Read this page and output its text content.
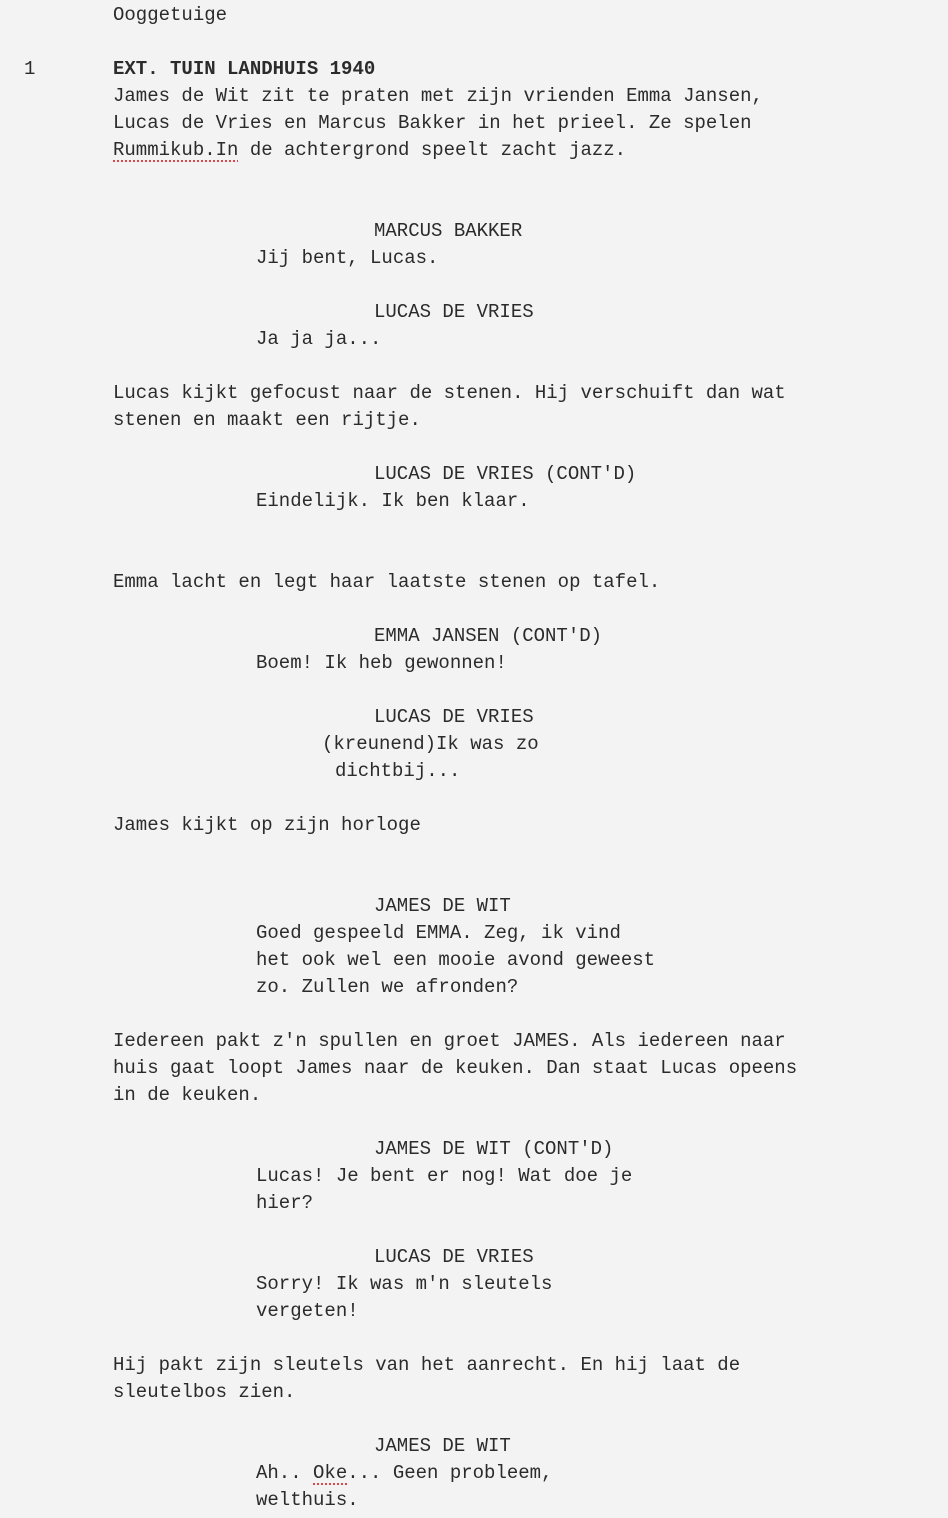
Ooggetuige
1	EXT. TUIN LANDHUIS 1940
James de Wit zit te praten met zijn vrienden Emma Jansen,
Lucas de Vries en Marcus Bakker in het prieel. Ze spelen
Rummikub.In de achtergrond speelt zacht jazz.
MARCUS BAKKER
Jij bent, Lucas.
LUCAS DE VRIES
Ja ja ja...
Lucas kijkt gefocust naar de stenen. Hij verschuift dan wat
stenen en maakt een rijtje.
LUCAS DE VRIES (CONT'D)
Eindelijk. Ik ben klaar.
Emma lacht en legt haar laatste stenen op tafel.
EMMA JANSEN (CONT'D)
Boem! Ik heb gewonnen!
LUCAS DE VRIES
(kreunend)Ik was zo
dichtbij...
James kijkt op zijn horloge
JAMES DE WIT
Goed gespeeld EMMA. Zeg, ik vind
het ook wel een mooie avond geweest
zo. Zullen we afronden?
Iedereen pakt z'n spullen en groet JAMES. Als iedereen naar
huis gaat loopt James naar de keuken. Dan staat Lucas opeens
in de keuken.
JAMES DE WIT (CONT'D)
Lucas! Je bent er nog! Wat doe je
hier?
LUCAS DE VRIES
Sorry! Ik was m'n sleutels
vergeten!
Hij pakt zijn sleutels van het aanrecht. En hij laat de
sleutelbos zien.
JAMES DE WIT
Ah.. Oke... Geen probleem,
welthuis.
